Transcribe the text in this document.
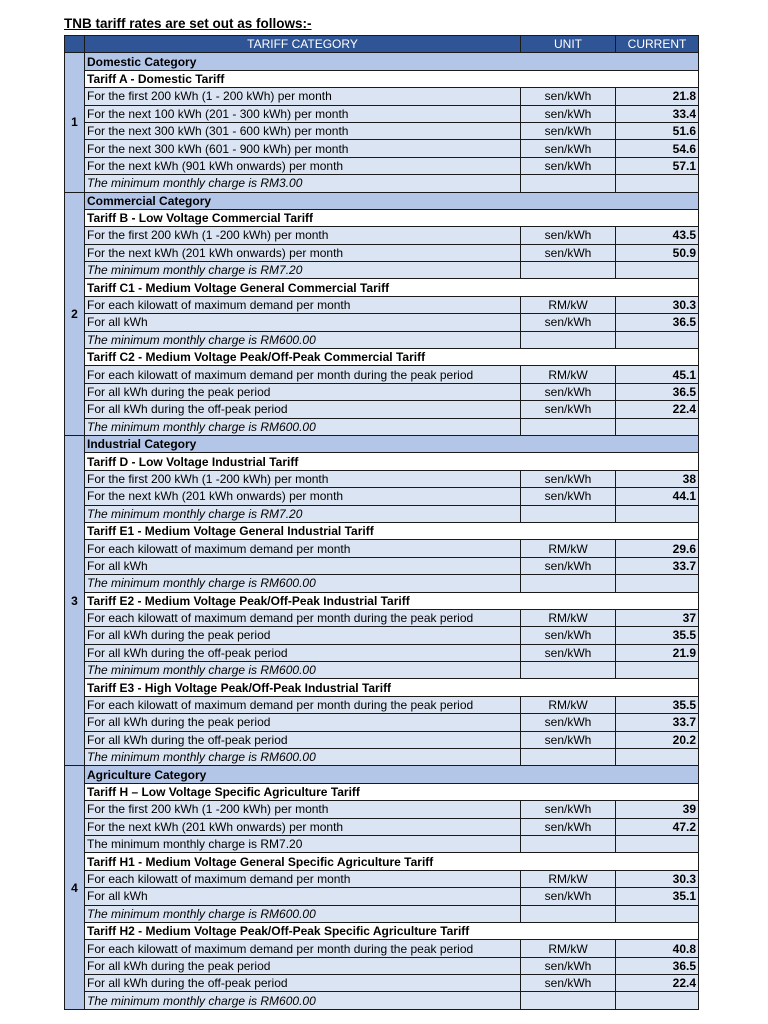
TNB tariff rates are set out as follows:-
	TARIFF CATEGORY	UNIT	CURRENT
1	Domestic Category		
	Tariff A - Domestic Tariff		
	For the first 200 kWh (1 - 200 kWh) per month	sen/kWh	21.8
	For the next 100 kWh (201 - 300 kWh) per month	sen/kWh	33.4
	For the next 300 kWh (301 - 600 kWh) per month	sen/kWh	51.6
	For the next 300 kWh (601 - 900 kWh) per month	sen/kWh	54.6
	For the next kWh (901 kWh onwards) per month	sen/kWh	57.1
	The minimum monthly charge is RM3.00		
2	Commercial Category		
	Tariff B - Low Voltage Commercial Tariff		
	For the first 200 kWh (1 -200 kWh) per month	sen/kWh	43.5
	For the next kWh (201 kWh onwards) per month	sen/kWh	50.9
	The minimum monthly charge is RM7.20		
	Tariff C1 - Medium Voltage General Commercial Tariff		
	For each kilowatt of maximum demand per month	RM/kW	30.3
	For all kWh	sen/kWh	36.5
	The minimum monthly charge is RM600.00		
	Tariff C2 - Medium Voltage Peak/Off-Peak Commercial Tariff		
	For each kilowatt of maximum demand per month during the peak period	RM/kW	45.1
	For all kWh during the peak period	sen/kWh	36.5
	For all kWh during the off-peak period	sen/kWh	22.4
	The minimum monthly charge is RM600.00		
3	Industrial Category		
	Tariff D - Low Voltage Industrial Tariff		
	For the first 200 kWh (1 -200 kWh) per month	sen/kWh	38
	For the next kWh (201 kWh onwards) per month	sen/kWh	44.1
	The minimum monthly charge is RM7.20		
	Tariff E1 - Medium Voltage General Industrial Tariff		
	For each kilowatt of maximum demand per month	RM/kW	29.6
	For all kWh	sen/kWh	33.7
	The minimum monthly charge is RM600.00		
	Tariff E2 - Medium Voltage Peak/Off-Peak Industrial Tariff		
	For each kilowatt of maximum demand per month during the peak period	RM/kW	37
	For all kWh during the peak period	sen/kWh	35.5
	For all kWh during the off-peak period	sen/kWh	21.9
	The minimum monthly charge is RM600.00		
	Tariff E3 - High Voltage Peak/Off-Peak Industrial Tariff		
	For each kilowatt of maximum demand per month during the peak period	RM/kW	35.5
	For all kWh during the peak period	sen/kWh	33.7
	For all kWh during the off-peak period	sen/kWh	20.2
	The minimum monthly charge is RM600.00		
4	Agriculture Category		
	Tariff H – Low Voltage Specific Agriculture Tariff		
	For the first 200 kWh (1 -200 kWh) per month	sen/kWh	39
	For the next kWh (201 kWh onwards) per month	sen/kWh	47.2
	The minimum monthly charge is RM7.20		
	Tariff H1 - Medium Voltage General Specific Agriculture Tariff		
	For each kilowatt of maximum demand per month	RM/kW	30.3
	For all kWh	sen/kWh	35.1
	The minimum monthly charge is RM600.00		
	Tariff H2 - Medium Voltage Peak/Off-Peak Specific Agriculture Tariff		
	For each kilowatt of maximum demand per month during the peak period	RM/kW	40.8
	For all kWh during the peak period	sen/kWh	36.5
	For all kWh during the off-peak period	sen/kWh	22.4
	The minimum monthly charge is RM600.00		
